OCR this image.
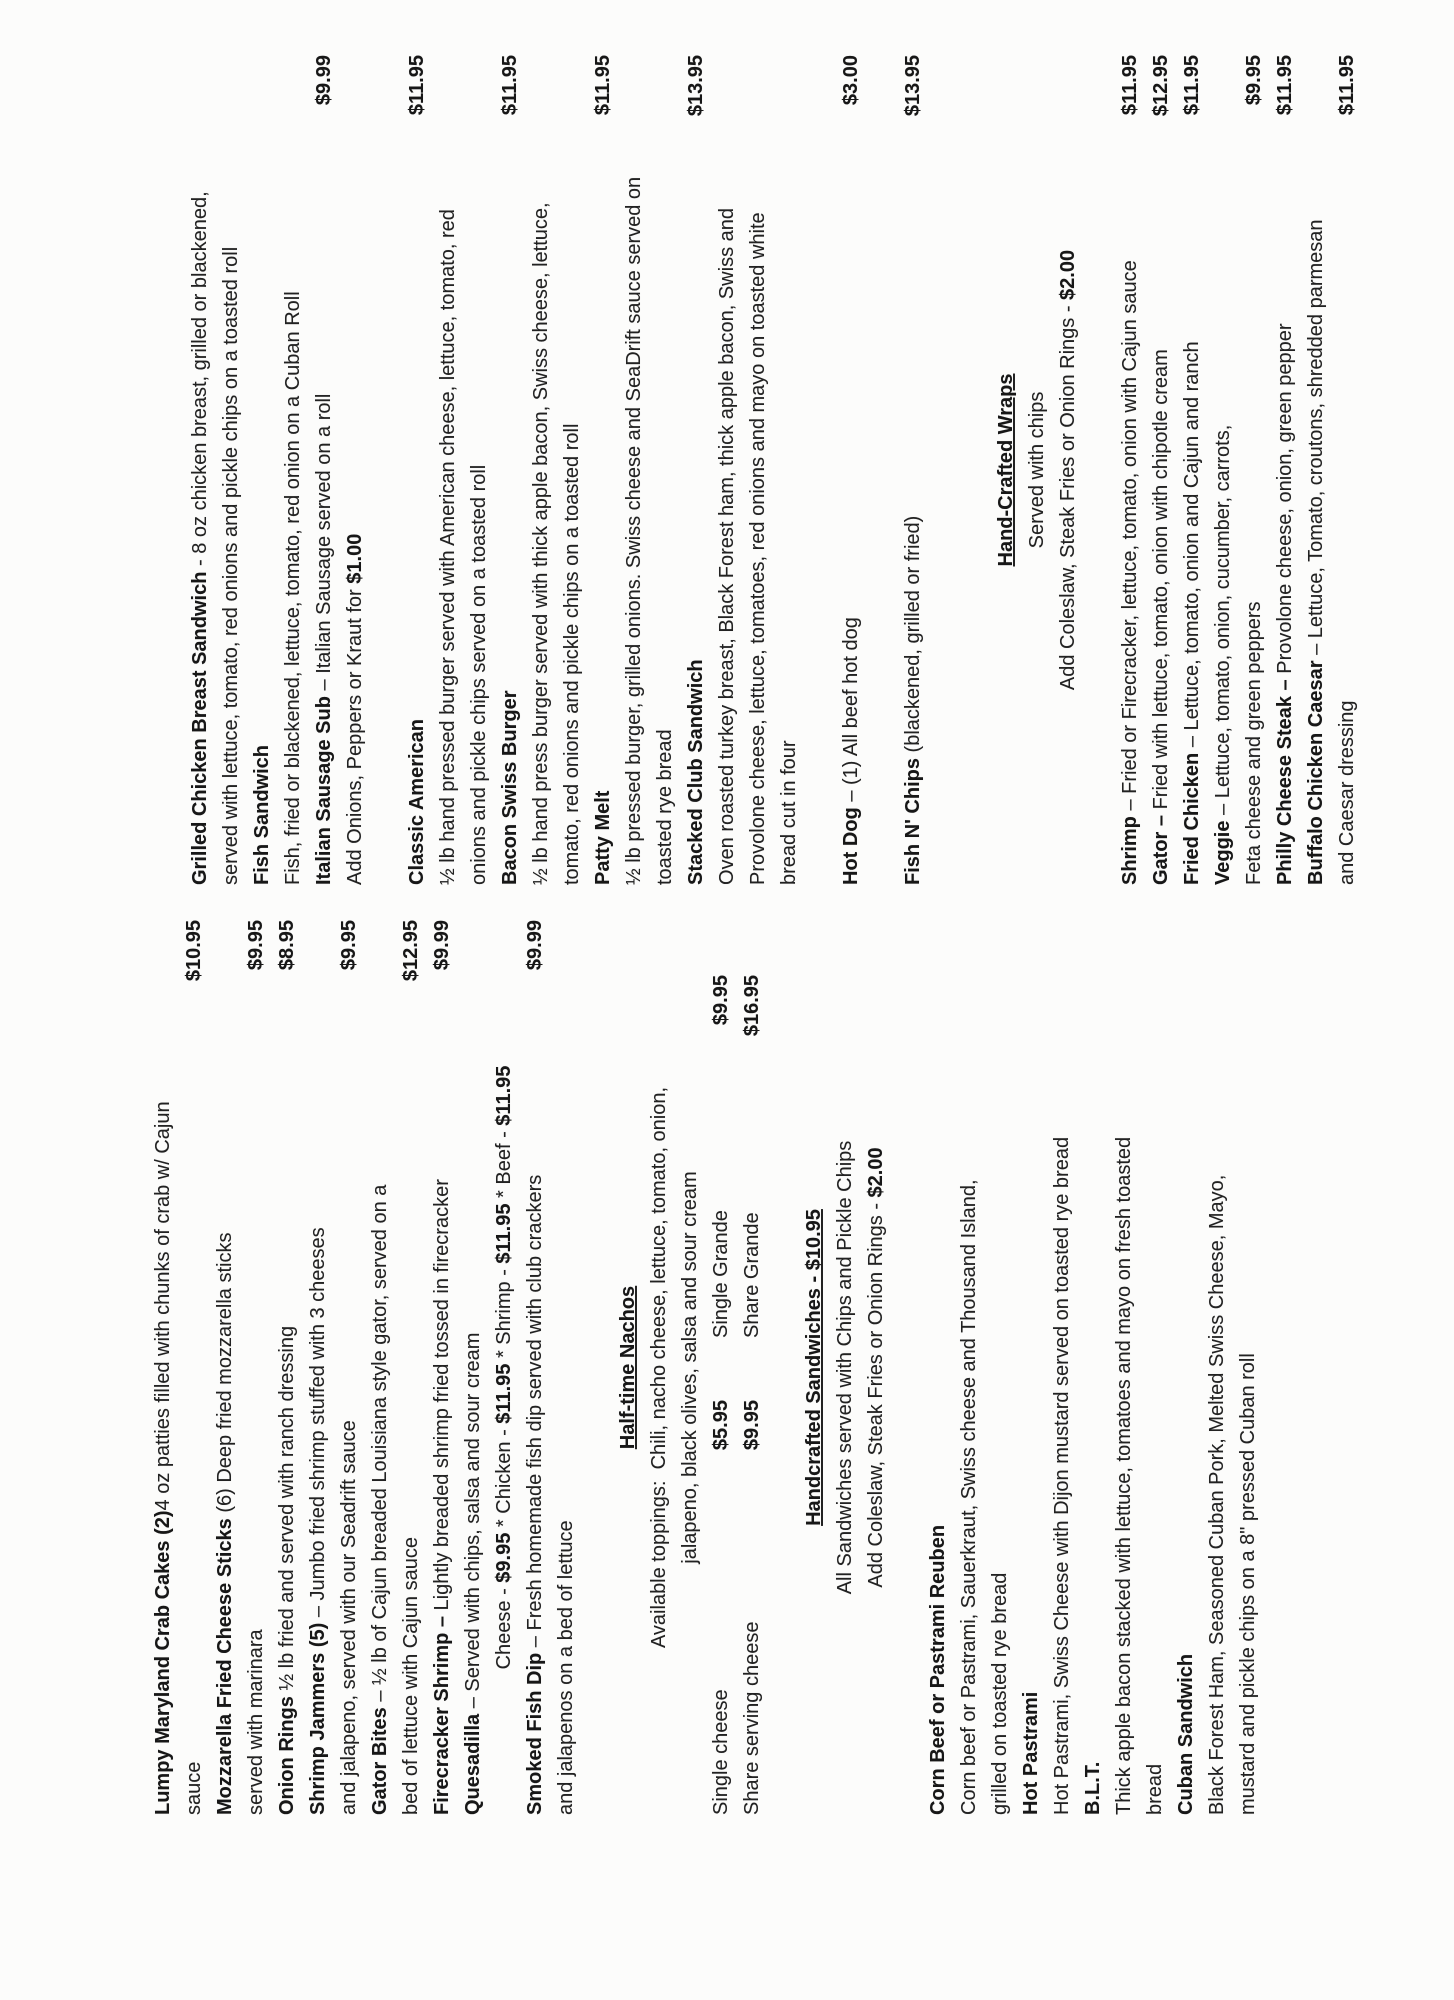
Lumpy Maryland Crab Cakes (2)4 oz patties filled with chunks of crab w/ Cajun
sauce
$10.95
Mozzarella Fried Cheese Sticks (6) Deep fried mozzarella sticks
served with marinara
$9.95
Onion Rings ½ lb fried and served with ranch dressing
$8.95
Shrimp Jammers (5) – Jumbo fried shrimp stuffed with 3 cheeses and jalapeno, served with our Seadrift sauce
$9.95
Gator Bites – ½ lb of Cajun breaded Louisiana style gator, served on a bed of lettuce with Cajun sauce
$12.95
Firecracker Shrimp – Lightly breaded shrimp fried tossed in firecracker
$9.99
Quesadilla – Served with chips, salsa and sour cream Cheese - $9.95 * Chicken - $11.95 * Shrimp - $11.95 * Beef - $11.95
Smoked Fish Dip – Fresh homemade fish dip served with club crackers
$9.99
and jalapenos on a bed of lettuce
Half-time Nachos Available toppings:  Chili, nacho cheese, lettuce, tomato, onion, jalapeno, black olives, salsa and sour cream
Single cheese
$5.95
Single Grande
$9.95
Share serving cheese
$9.95
Share Grande
$16.95
Handcrafted Sandwiches - $10.95 All Sandwiches served with Chips and Pickle Chips Add Coleslaw, Steak Fries or Onion Rings - $2.00
Corn Beef or Pastrami Reuben Corn beef or Pastrami, Sauerkraut, Swiss cheese and Thousand Island, grilled on toasted rye bread Hot Pastrami Hot Pastrami, Swiss Cheese with Dijon mustard served on toasted rye bread B.L.T. Thick apple bacon stacked with lettuce, tomatoes and mayo on fresh toasted bread Cuban Sandwich Black Forest Ham, Seasoned Cuban Pork, Melted Swiss Cheese, Mayo, mustard and pickle chips on a 8" pressed Cuban roll
Grilled Chicken Breast Sandwich - 8 oz chicken breast, grilled or blackened, served with lettuce, tomato, red onions and pickle chips on a toasted roll Fish Sandwich Fish, fried or blackened, lettuce, tomato, red onion on a Cuban Roll Italian Sausage Sub – Italian Sausage served on a roll
$9.99
Add Onions, Peppers or Kraut for $1.00
Classic American
$11.95
½ lb hand pressed burger served with American cheese, lettuce, tomato, red onions and pickle chips served on a toasted roll Bacon Swiss Burger
$11.95
½ lb hand press burger served with thick apple bacon, Swiss cheese, lettuce, tomato, red onions and pickle chips on a toasted roll Patty Melt
$11.95
½ lb pressed burger, grilled onions. Swiss cheese and SeaDrift sauce served on toasted rye bread Stacked Club Sandwich
$13.95
Oven roasted turkey breast, Black Forest ham, thick apple bacon, Swiss and Provolone cheese, lettuce, tomatoes, red onions and mayo on toasted white bread cut in four Hot Dog – (1) All beef hot dog
$3.00
Fish N' Chips (blackened, grilled or fried)
$13.95
Hand-Crafted Wraps Served with chips Add Coleslaw, Steak Fries or Onion Rings - $2.00
Shrimp – Fried or Firecracker, lettuce, tomato, onion with Cajun sauce
$11.95
Gator – Fried with lettuce, tomato, onion with chipotle cream
$12.95
Fried Chicken – Lettuce, tomato, onion and Cajun and ranch
$11.95
Veggie – Lettuce, tomato, onion, cucumber, carrots, Feta cheese and green peppers
$9.95
Philly Cheese Steak – Provolone cheese, onion, green pepper
$11.95
Buffalo Chicken Caesar – Lettuce, Tomato, croutons, shredded parmesan
and Caesar dressing
$11.95
